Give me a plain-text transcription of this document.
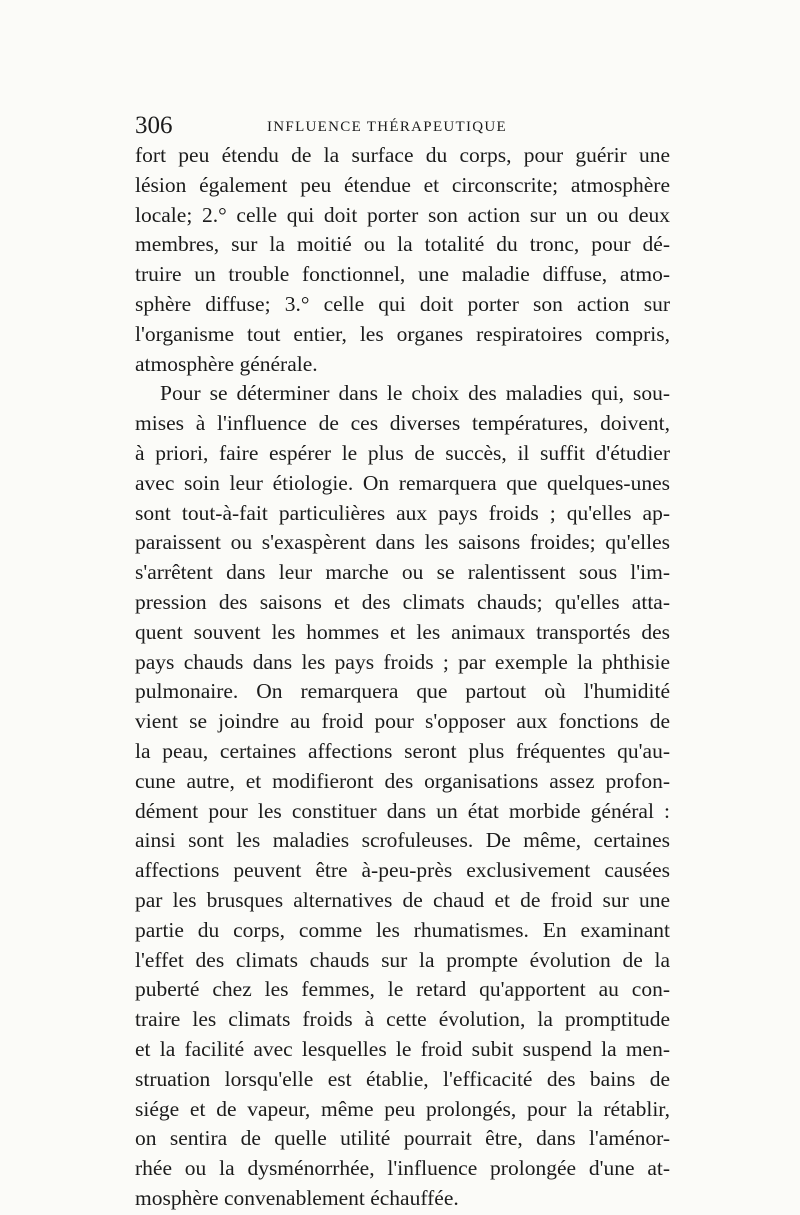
306	INFLUENCE THÉRAPEUTIQUE
fort peu étendu de la surface du corps, pour guérir une
lésion également peu étendue et circonscrite; atmosphère
locale; 2.° celle qui doit porter son action sur un ou deux
membres, sur la moitié ou la totalité du tronc, pour dé-
truire un trouble fonctionnel, une maladie diffuse, atmo-
sphère diffuse; 3.° celle qui doit porter son action sur
l'organisme tout entier, les organes respiratoires compris,
atmosphère générale.
Pour se déterminer dans le choix des maladies qui, sou-
mises à l'influence de ces diverses températures, doivent,
à priori, faire espérer le plus de succès, il suffit d'étudier
avec soin leur étiologie. On remarquera que quelques-unes
sont tout-à-fait particulières aux pays froids ; qu'elles ap-
paraissent ou s'exaspèrent dans les saisons froides; qu'elles
s'arrêtent dans leur marche ou se ralentissent sous l'im-
pression des saisons et des climats chauds; qu'elles atta-
quent souvent les hommes et les animaux transportés des
pays chauds dans les pays froids ; par exemple la phthisie
pulmonaire. On remarquera que partout où l'humidité
vient se joindre au froid pour s'opposer aux fonctions de
la peau, certaines affections seront plus fréquentes qu'au-
cune autre, et modifieront des organisations assez profon-
dément pour les constituer dans un état morbide général :
ainsi sont les maladies scrofuleuses. De même, certaines
affections peuvent être à-peu-près exclusivement causées
par les brusques alternatives de chaud et de froid sur une
partie du corps, comme les rhumatismes. En examinant
l'effet des climats chauds sur la prompte évolution de la
puberté chez les femmes, le retard qu'apportent au con-
traire les climats froids à cette évolution, la promptitude
et la facilité avec lesquelles le froid subit suspend la men-
struation lorsqu'elle est établie, l'efficacité des bains de
siége et de vapeur, même peu prolongés, pour la rétablir,
on sentira de quelle utilité pourrait être, dans l'aménor-
rhée ou la dysménorrhée, l'influence prolongée d'une at-
mosphère convenablement échauffée.
